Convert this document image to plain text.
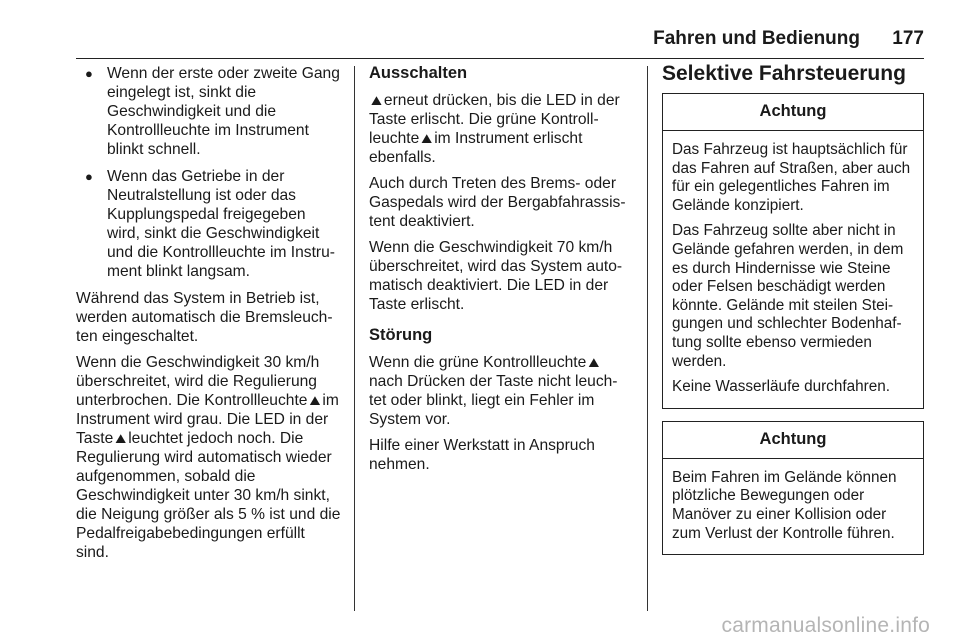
Fahren und Bedienung 177
● Wenn der erste oder zweite Gang eingelegt ist, sinkt die Geschwindigkeit und die Kontrollleuchte im Instrument blinkt schnell.
● Wenn das Getriebe in der Neutralstellung ist oder das Kupplungspedal freigegeben wird, sinkt die Geschwindigkeit und die Kontrollleuchte im Instru-ment blinkt langsam.

Während das System in Betrieb ist, werden automatisch die Bremsleuch-ten eingeschaltet.

Wenn die Geschwindigkeit 30 km/h überschreitet, wird die Regulierung unterbrochen. Die Kontrollleuchte ⛰ im Instrument wird grau. Die LED in der Taste ⛰ leuchtet jedoch noch. Die Regulierung wird automatisch wieder aufgenommen, sobald die Geschwindigkeit unter 30 km/h sinkt, die Neigung größer als 5 % ist und die Pedalfreigabebedingungen erfüllt sind.

Ausschalten

⛰ erneut drücken, bis die LED in der Taste erlischt. Die grüne Kontroll-leuchte ⛰ im Instrument erlischt ebenfalls.

Auch durch Treten des Brems- oder Gaspedals wird der Bergabfahrassis-tent deaktiviert.

Wenn die Geschwindigkeit 70 km/h überschreitet, wird das System auto-matisch deaktiviert. Die LED in der Taste erlischt.

Störung

Wenn die grüne Kontrollleuchte ⛰nach Drücken der Taste nicht leuch-tet oder blinkt, liegt ein Fehler im System vor.

Hilfe einer Werkstatt in Anspruch nehmen.

Selektive Fahrsteuerung
Achtung

Das Fahrzeug ist hauptsächlich für das Fahren auf Straßen, aber auch für ein gelegentliches Fahren im Gelände konzipiert.

Das Fahrzeug sollte aber nicht in Gelände gefahren werden, in dem es durch Hindernisse wie Steine oder Felsen beschädigt werden könnte. Gelände mit steilen Stei-gungen und schlechter Bodenhaf-tung sollte ebenso vermieden werden.

Keine Wasserläufe durchfahren.

Achtung

Beim Fahren im Gelände können plötzliche Bewegungen oder Manöver zu einer Kollision oder zum Verlust der Kontrolle führen.

carmanualsonline.info
